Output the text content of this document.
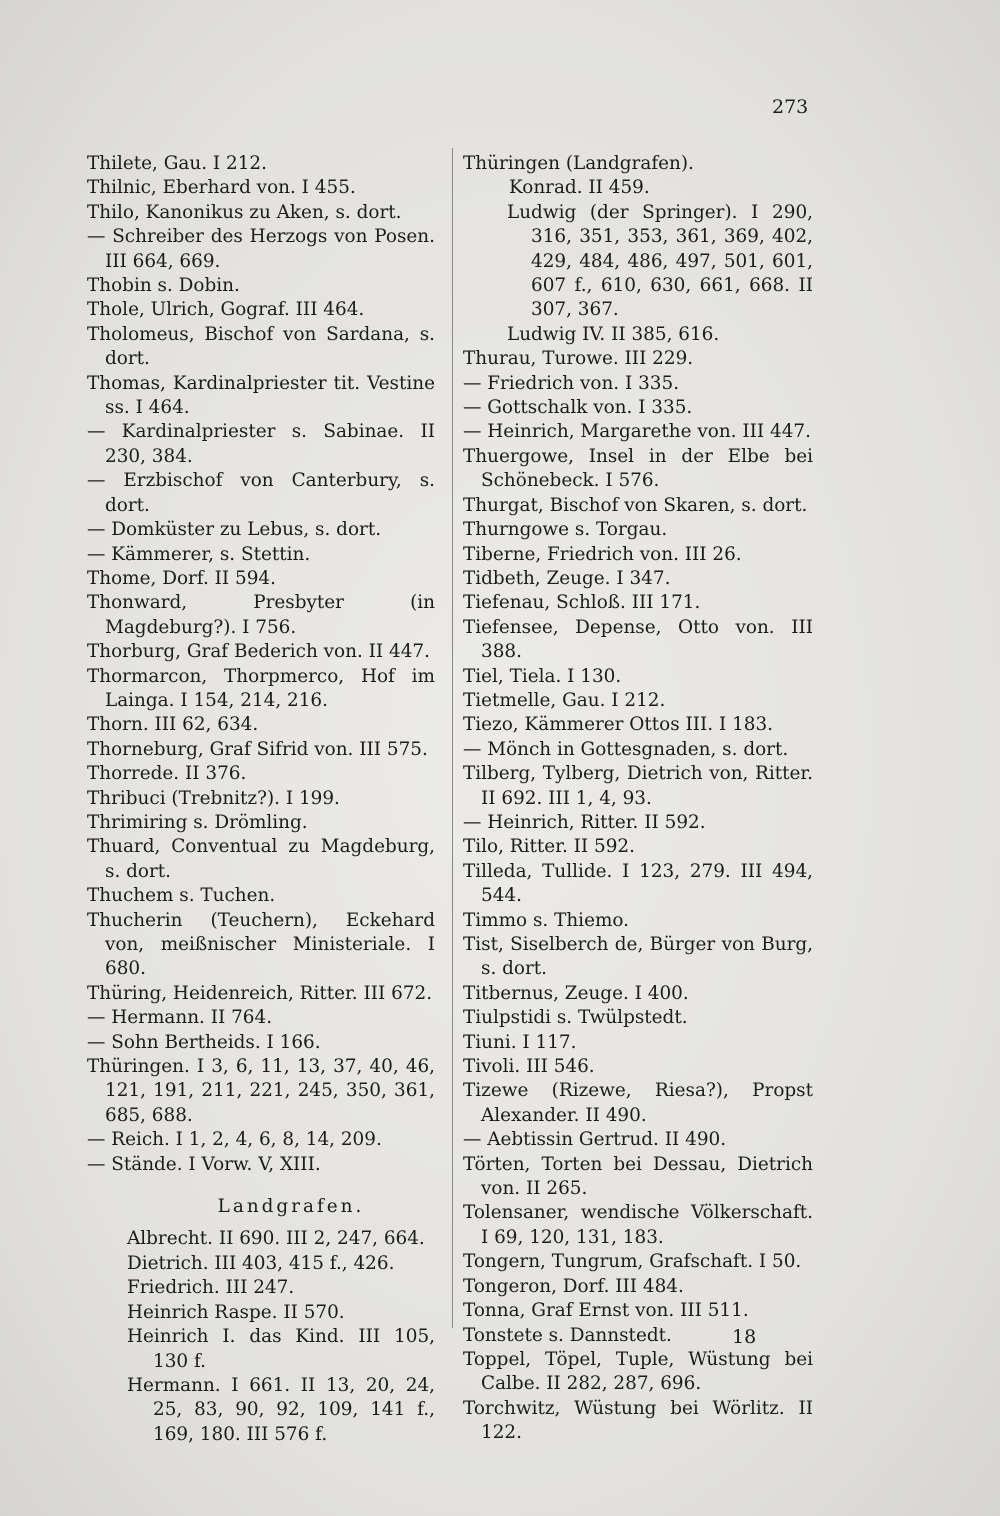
273
Thilete, Gau. I 212.
Thilnic, Eberhard von. I 455.
Thilo, Kanonikus zu Aken, s. dort.
— Schreiber des Herzogs von Posen. III 664, 669.
Thobin s. Dobin.
Thole, Ulrich, Gograf. III 464.
Tholomeus, Bischof von Sardana, s. dort.
Thomas, Kardinalpriester tit. Vestine ss. I 464.
— Kardinalpriester s. Sabinae. II 230, 384.
— Erzbischof von Canterbury, s. dort.
— Domküster zu Lebus, s. dort.
— Kämmerer, s. Stettin.
Thome, Dorf. II 594.
Thonward, Presbyter (in Magdeburg?). I 756.
Thorburg, Graf Bederich von. II 447.
Thormarcon, Thorpmerco, Hof im Lainga. I 154, 214, 216.
Thorn. III 62, 634.
Thorneburg, Graf Sifrid von. III 575.
Thorrede. II 376.
Thribuci (Trebnitz?). I 199.
Thrimiring s. Drömling.
Thuard, Conventual zu Magdeburg, s. dort.
Thuchem s. Tuchen.
Thucherin (Teuchern), Eckehard von, meißnischer Ministeriale. I 680.
Thüring, Heidenreich, Ritter. III 672.
— Hermann. II 764.
— Sohn Bertheids. I 166.
Thüringen. I 3, 6, 11, 13, 37, 40, 46, 121, 191, 211, 221, 245, 350, 361, 685, 688.
— Reich. I 1, 2, 4, 6, 8, 14, 209.
— Stände. I Vorw. V, XIII.
Landgrafen.
Albrecht. II 690. III 2, 247, 664.
Dietrich. III 403, 415 f., 426.
Friedrich. III 247.
Heinrich Raspe. II 570.
Heinrich I. das Kind. III 105, 130 f.
Hermann. I 661. II 13, 20, 24, 25, 83, 90, 92, 109, 141 f., 169, 180. III 576 f.
Thüringen (Landgrafen).
Konrad. II 459.
Ludwig (der Springer). I 290, 316, 351, 353, 361, 369, 402, 429, 484, 486, 497, 501, 601, 607 f., 610, 630, 661, 668. II 307, 367.
Ludwig IV. II 385, 616.
Thurau, Turowe. III 229.
— Friedrich von. I 335.
— Gottschalk von. I 335.
— Heinrich, Margarethe von. III 447.
Thuergowe, Insel in der Elbe bei Schönebeck. I 576.
Thurgat, Bischof von Skaren, s. dort.
Thurngowe s. Torgau.
Tiberne, Friedrich von. III 26.
Tidbeth, Zeuge. I 347.
Tiefenau, Schloß. III 171.
Tiefensee, Depense, Otto von. III 388.
Tiel, Tiela. I 130.
Tietmelle, Gau. I 212.
Tiezo, Kämmerer Ottos III. I 183.
— Mönch in Gottesgnaden, s. dort.
Tilberg, Tylberg, Dietrich von, Ritter. II 692. III 1, 4, 93.
— Heinrich, Ritter. II 592.
Tilo, Ritter. II 592.
Tilleda, Tullide. I 123, 279. III 494, 544.
Timmo s. Thiemo.
Tist, Siselberch de, Bürger von Burg, s. dort.
Titbernus, Zeuge. I 400.
Tiulpstidi s. Twülpstedt.
Tiuni. I 117.
Tivoli. III 546.
Tizewe (Rizewe, Riesa?), Propst Alexander. II 490.
— Aebtissin Gertrud. II 490.
Törten, Torten bei Dessau, Dietrich von. II 265.
Tolensaner, wendische Völkerschaft. I 69, 120, 131, 183.
Tongern, Tungrum, Grafschaft. I 50.
Tongeron, Dorf. III 484.
Tonna, Graf Ernst von. III 511.
Tonstete s. Dannstedt.
Toppel, Töpel, Tuple, Wüstung bei Calbe. II 282, 287, 696.
Torchwitz, Wüstung bei Wörlitz. II 122.
18
